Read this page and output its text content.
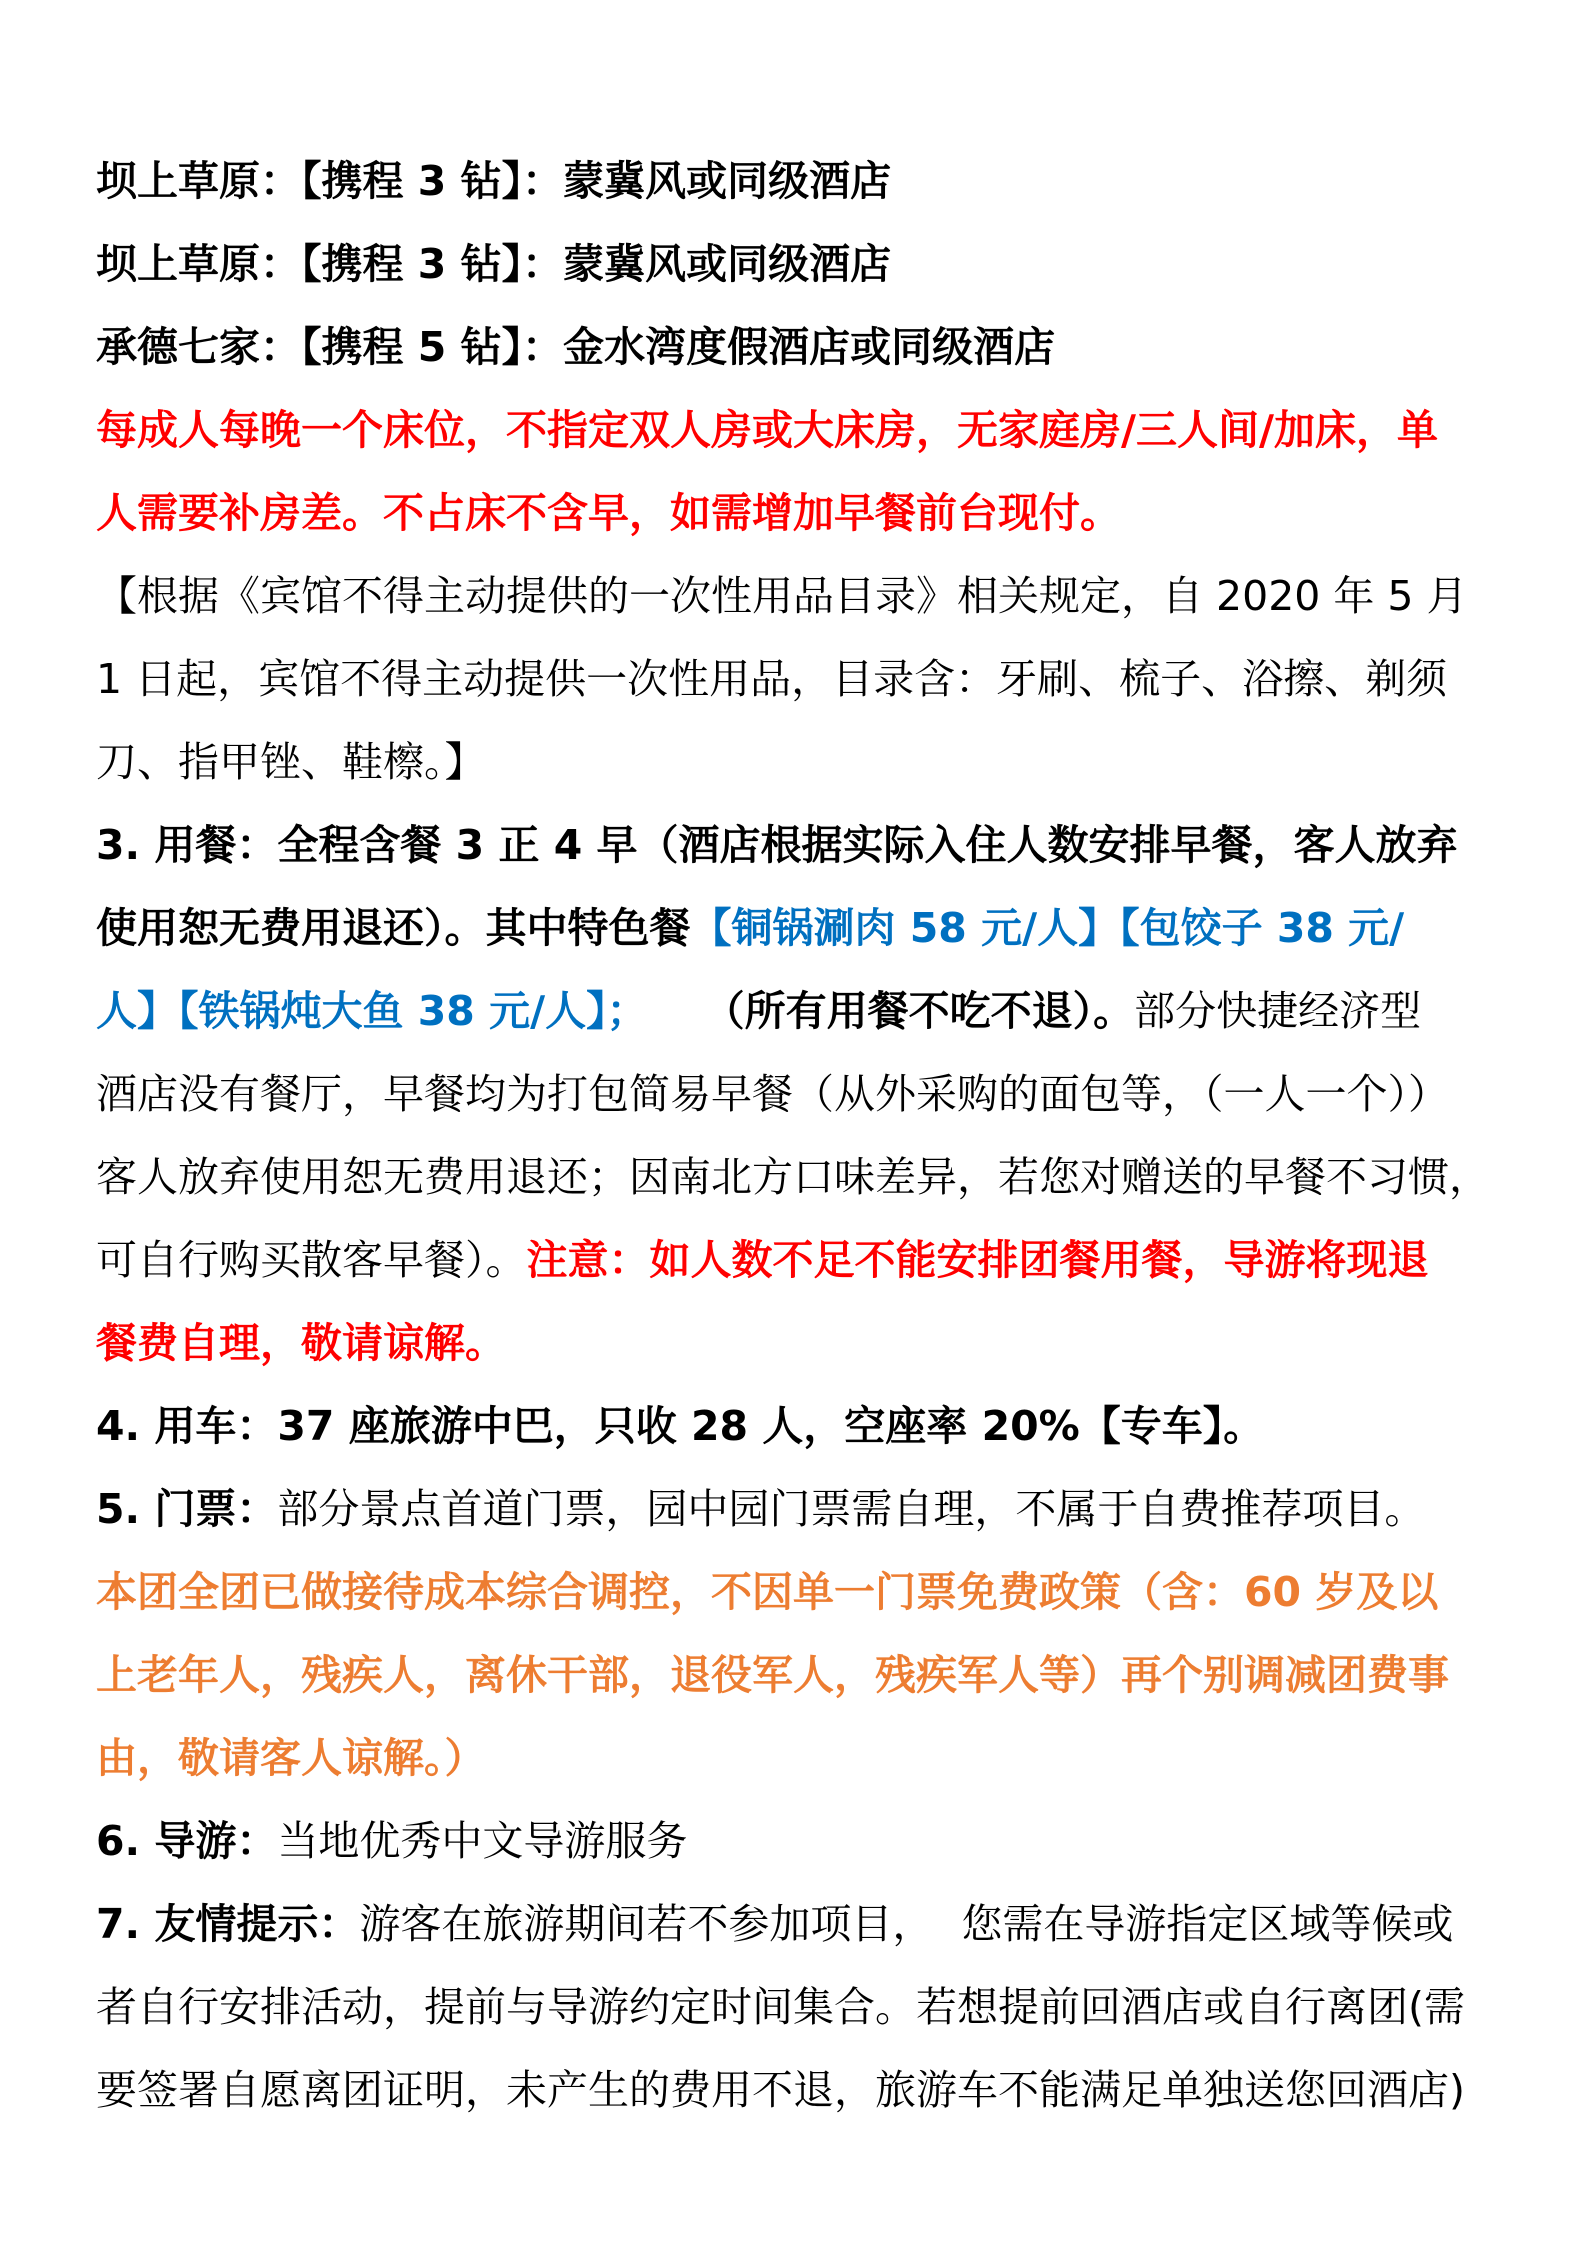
坝上草原：【携程 3 钻】：蒙冀风或同级酒店
坝上草原：【携程 3 钻】：蒙冀风或同级酒店
承德七家：【携程 5 钻】：金水湾度假酒店或同级酒店
每成人每晚一个床位，不指定双人房或大床房，无家庭房/三人间/加床，单
人需要补房差。不占床不含早，如需增加早餐前台现付。
【根据《宾馆不得主动提供的一次性用品目录》相关规定，自 2020 年 5 月
1 日起，宾馆不得主动提供一次性用品，目录含：牙刷、梳子、浴擦、剃须
刀、指甲锉、鞋檫。】
3. 用餐：全程含餐 3 正 4 早（酒店根据实际入住人数安排早餐，客人放弃
使用恕无费用退还）。其中特色餐【铜锅涮肉 58 元/人】【包饺子 38 元/
人】【铁锅炖大鱼 38 元/人】； （所有用餐不吃不退）。部分快捷经济型
酒店没有餐厅，早餐均为打包简易早餐（从外采购的面包等，（一人一个））
客人放弃使用恕无费用退还；因南北方口味差异，若您对赠送的早餐不习惯，
可自行购买散客早餐）。注意：如人数不足不能安排团餐用餐，导游将现退
餐费自理，敬请谅解。
4. 用车：37 座旅游中巴，只收 28 人，空座率 20%【专车】。
5. 门票：部分景点首道门票，园中园门票需自理，不属于自费推荐项目。
本团全团已做接待成本综合调控，不因单一门票免费政策（含：60 岁及以
上老年人，残疾人，离休干部，退役军人，残疾军人等）再个别调减团费事
由，敬请客人谅解。）
6. 导游：当地优秀中文导游服务
7. 友情提示：游客在旅游期间若不参加项目， 您需在导游指定区域等候或
者自行安排活动，提前与导游约定时间集合。若想提前回酒店或自行离团(需
要签署自愿离团证明，未产生的费用不退，旅游车不能满足单独送您回酒店)
